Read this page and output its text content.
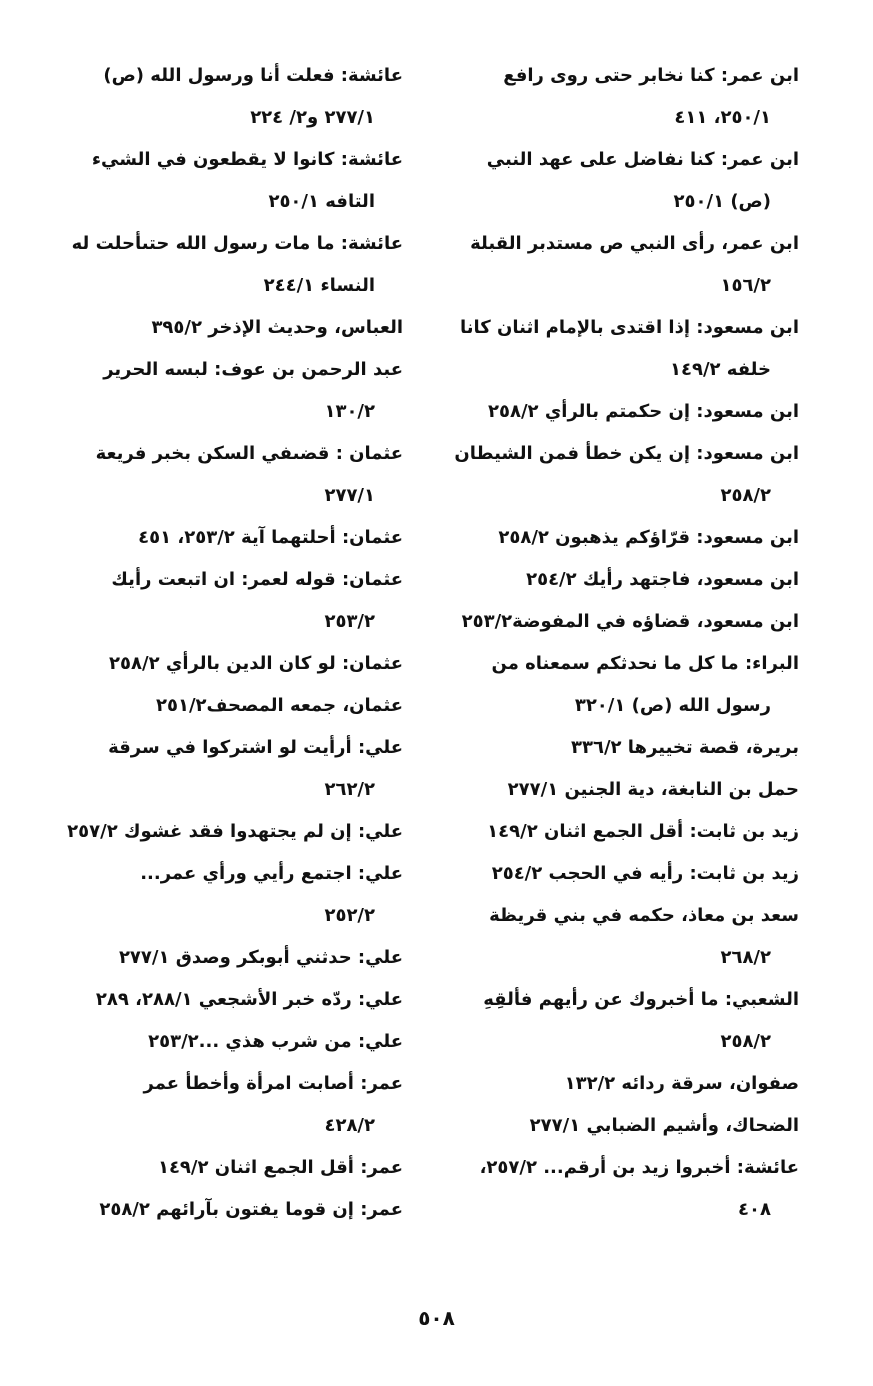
ابن عمر: كنا نخابر حتى روى رافع
٢٥٠/١، ٤١١
ابن عمر: كنا نفاضل على عهد النبي
(ص) ٢٥٠/١
ابن عمر، رأى النبي ص مستدبر القبلة
١٥٦/٢
ابن مسعود: إذا اقتدى بالإمام اثنان كانا
خلفه ١٤٩/٢
ابن مسعود: إن حكمتم بالرأي ٢٥٨/٢
ابن مسعود: إن يكن خطأ فمن الشيطان
٢٥٨/٢
ابن مسعود: قرّاؤكم يذهبون ٢٥٨/٢
ابن مسعود، فاجتهد رأيك ٢٥٤/٢
ابن مسعود، قضاؤه في المفوضة٢٥٣/٢
البراء: ما كل ما نحدثكم سمعناه من
رسول الله (ص) ٣٢٠/١
بريرة، قصة تخييرها ٣٣٦/٢
حمل بن النابغة، دية الجنين ٢٧٧/١
زيد بن ثابت: أقل الجمع اثنان ١٤٩/٢
زيد بن ثابت: رأيه في الحجب ٢٥٤/٢
سعد بن معاذ، حكمه في بني قريظة
٢٦٨/٢
الشعبي: ما أخبروك عن رأيهم فألقِهِ
٢٥٨/٢
صفوان، سرقة ردائه ١٣٢/٢
الضحاك، وأشيم الضبابي ٢٧٧/١
عائشة: أخبروا زيد بن أرقم... ٢٥٧/٢،
٤٠٨
عائشة: فعلت أنا ورسول الله (ص)
٢٧٧/١ و٢/ ٢٢٤
عائشة: كانوا لا يقطعون في الشيء
التافه ٢٥٠/١
عائشة: ما مات رسول الله حتىأحلت له
النساء ٢٤٤/١
العباس، وحديث الإذخر ٣٩٥/٢
عبد الرحمن بن عوف: لبسه الحرير
١٣٠/٢
عثمان : قضىفي السكن بخبر فريعة
٢٧٧/١
عثمان: أحلتهما آية ٢٥٣/٢، ٤٥١
عثمان: قوله لعمر: ان اتبعت رأيك
٢٥٣/٢
عثمان: لو كان الدين بالرأي ٢٥٨/٢
عثمان، جمعه المصحف٢٥١/٢
علي: أرأيت لو اشتركوا في سرقة
٢٦٢/٢
علي: إن لم يجتهدوا فقد غشوك ٢٥٧/٢
علي: اجتمع رأيي ورأي عمر...
٢٥٢/٢
علي: حدثني أبوبكر وصدق ٢٧٧/١
علي: ردّه خبر الأشجعي ٢٨٨/١، ٢٨٩
علي: من شرب هذي ...٢٥٣/٢
عمر: أصابت امرأة وأخطأ عمر
٤٢٨/٢
عمر: أقل الجمع اثنان ١٤٩/٢
عمر: إن قوما يفتون بآرائهم ٢٥٨/٢
٥٠٨
